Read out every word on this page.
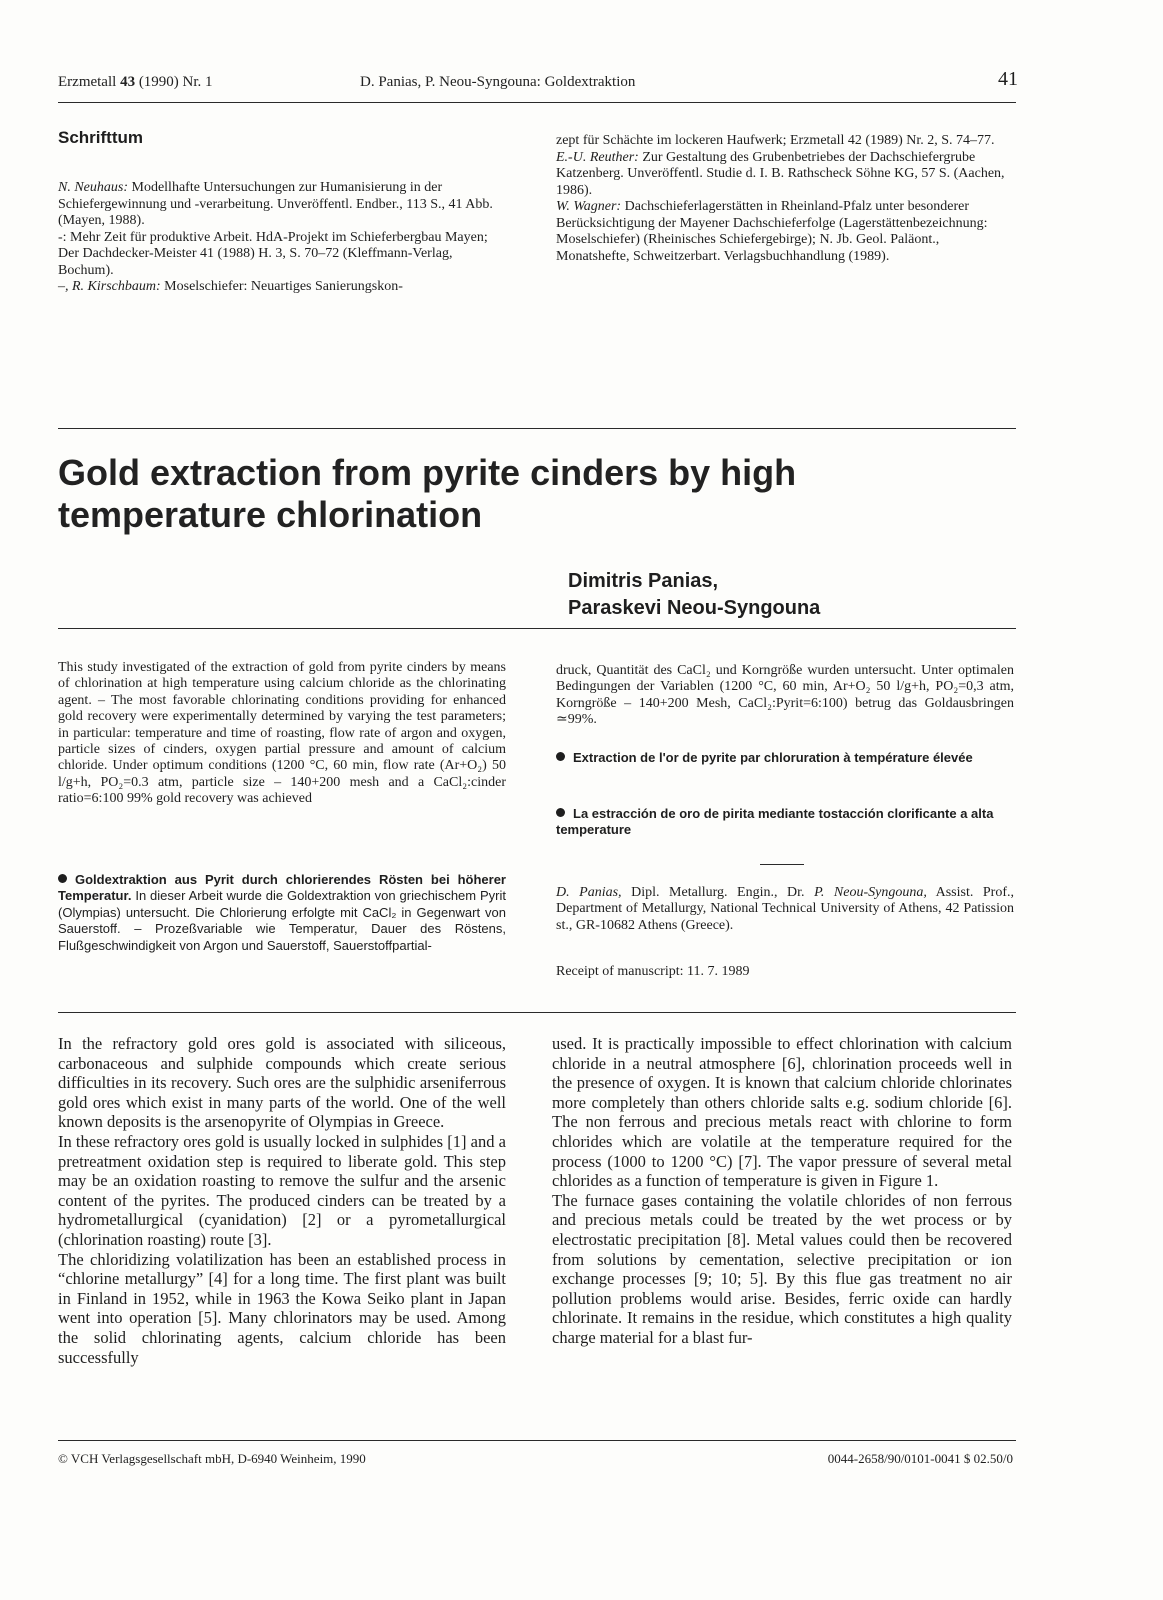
Erzmetall 43 (1990) Nr. 1	D. Panias, P. Neou-Syngouna: Goldextraktion	41
Schrifttum

N. Neuhaus: Modellhafte Untersuchungen zur Humanisierung in der Schiefergewinnung und -verarbeitung. Unveröffentl. Endber., 113 S., 41 Abb. (Mayen, 1988).

-: Mehr Zeit für produktive Arbeit. HdA-Projekt im Schieferbergbau Mayen; Der Dachdecker-Meister 41 (1988) H. 3, S. 70–72 (Kleffmann-Verlag, Bochum).

–, R. Kirschbaum: Moselschiefer: Neuartiges Sanierungskon-

zept für Schächte im lockeren Haufwerk; Erzmetall 42 (1989) Nr. 2, S. 74–77.

E.-U. Reuther: Zur Gestaltung des Grubenbetriebes der Dachschiefergrube Katzenberg. Unveröffentl. Studie d. I. B. Rathscheck Söhne KG, 57 S. (Aachen, 1986).

W. Wagner: Dachschieferlagerstätten in Rheinland-Pfalz unter besonderer Berücksichtigung der Mayener Dachschieferfolge (Lagerstättenbezeichnung: Moselschiefer) (Rheinisches Schiefergebirge); N. Jb. Geol. Paläont., Monatshefte, Schweitzerbart. Verlagsbuchhandlung (1989).

Gold extraction from pyrite cinders by high temperature chlorination
Dimitris Panias,
Paraskevi Neou-Syngouna
This study investigated of the extraction of gold from pyrite cinders by means of chlorination at high temperature using calcium chloride as the chlorinating agent. – The most favorable chlorinating conditions providing for enhanced gold recovery were experimentally determined by varying the test parameters; in particular: temperature and time of roasting, flow rate of argon and oxygen, particle sizes of cinders, oxygen partial pressure and amount of calcium chloride. Under optimum conditions (1200 °C, 60 min, flow rate (Ar+O₂) 50 l/g+h, PO₂=0.3 atm, particle size – 140+200 mesh and a CaCl₂:cinder ratio=6:100 99% gold recovery was achieved
Goldextraktion aus Pyrit durch chlorierendes Rösten bei höherer Temperatur. In dieser Arbeit wurde die Goldextraktion von griechischem Pyrit (Olympias) untersucht. Die Chlorierung erfolgte mit CaCl₂ in Gegenwart von Sauerstoff. – Prozeßvariable wie Temperatur, Dauer des Röstens, Flußgeschwindigkeit von Argon und Sauerstoff, Sauerstoffpartial-
druck, Quantität des CaCl₂ und Korngröße wurden untersucht. Unter optimalen Bedingungen der Variablen (1200 °C, 60 min, Ar+O₂ 50 l/g+h, PO₂=0,3 atm, Korngröße – 140+200 Mesh, CaCl₂:Pyrit=6:100) betrug das Goldausbringen ≃99%.
Extraction de l'or de pyrite par chloruration à température élevée
La estracción de oro de pirita mediante tostacción clorificante a alta temperature
D. Panias, Dipl. Metallurg. Engin., Dr. P. Neou-Syngouna, Assist. Prof., Department of Metallurgy, National Technical University of Athens, 42 Patission st., GR-10682 Athens (Greece).
Receipt of manuscript: 11. 7. 1989

In the refractory gold ores gold is associated with siliceous, carbonaceous and sulphide compounds which create serious difficulties in its recovery. Such ores are the sulphidic arseniferrous gold ores which exist in many parts of the world. One of the well known deposits is the arsenopyrite of Olympias in Greece.

In these refractory ores gold is usually locked in sulphides [1] and a pretreatment oxidation step is required to liberate gold. This step may be an oxidation roasting to remove the sulfur and the arsenic content of the pyrites. The produced cinders can be treated by a hydrometallurgical (cyanidation) [2] or a pyrometallurgical (chlorination roasting) route [3].

The chloridizing volatilization has been an established process in “chlorine metallurgy” [4] for a long time. The first plant was built in Finland in 1952, while in 1963 the Kowa Seiko plant in Japan went into operation [5]. Many chlorinators may be used. Among the solid chlorinating agents, calcium chloride has been successfully

used. It is practically impossible to effect chlorination with calcium chloride in a neutral atmosphere [6], chlorination proceeds well in the presence of oxygen. It is known that calcium chloride chlorinates more completely than others chloride salts e.g. sodium chloride [6]. The non ferrous and precious metals react with chlorine to form chlorides which are volatile at the temperature required for the process (1000 to 1200 °C) [7]. The vapor pressure of several metal chlorides as a function of temperature is given in Figure 1.

The furnace gases containing the volatile chlorides of non ferrous and precious metals could be treated by the wet process or by electrostatic precipitation [8]. Metal values could then be recovered from solutions by cementation, selective precipitation or ion exchange processes [9; 10; 5]. By this flue gas treatment no air pollution problems would arise. Besides, ferric oxide can hardly chlorinate. It remains in the residue, which constitutes a high quality charge material for a blast fur-

© VCH Verlagsgesellschaft mbH, D-6940 Weinheim, 1990	0044-2658/90/0101-0041 $ 02.50/0
